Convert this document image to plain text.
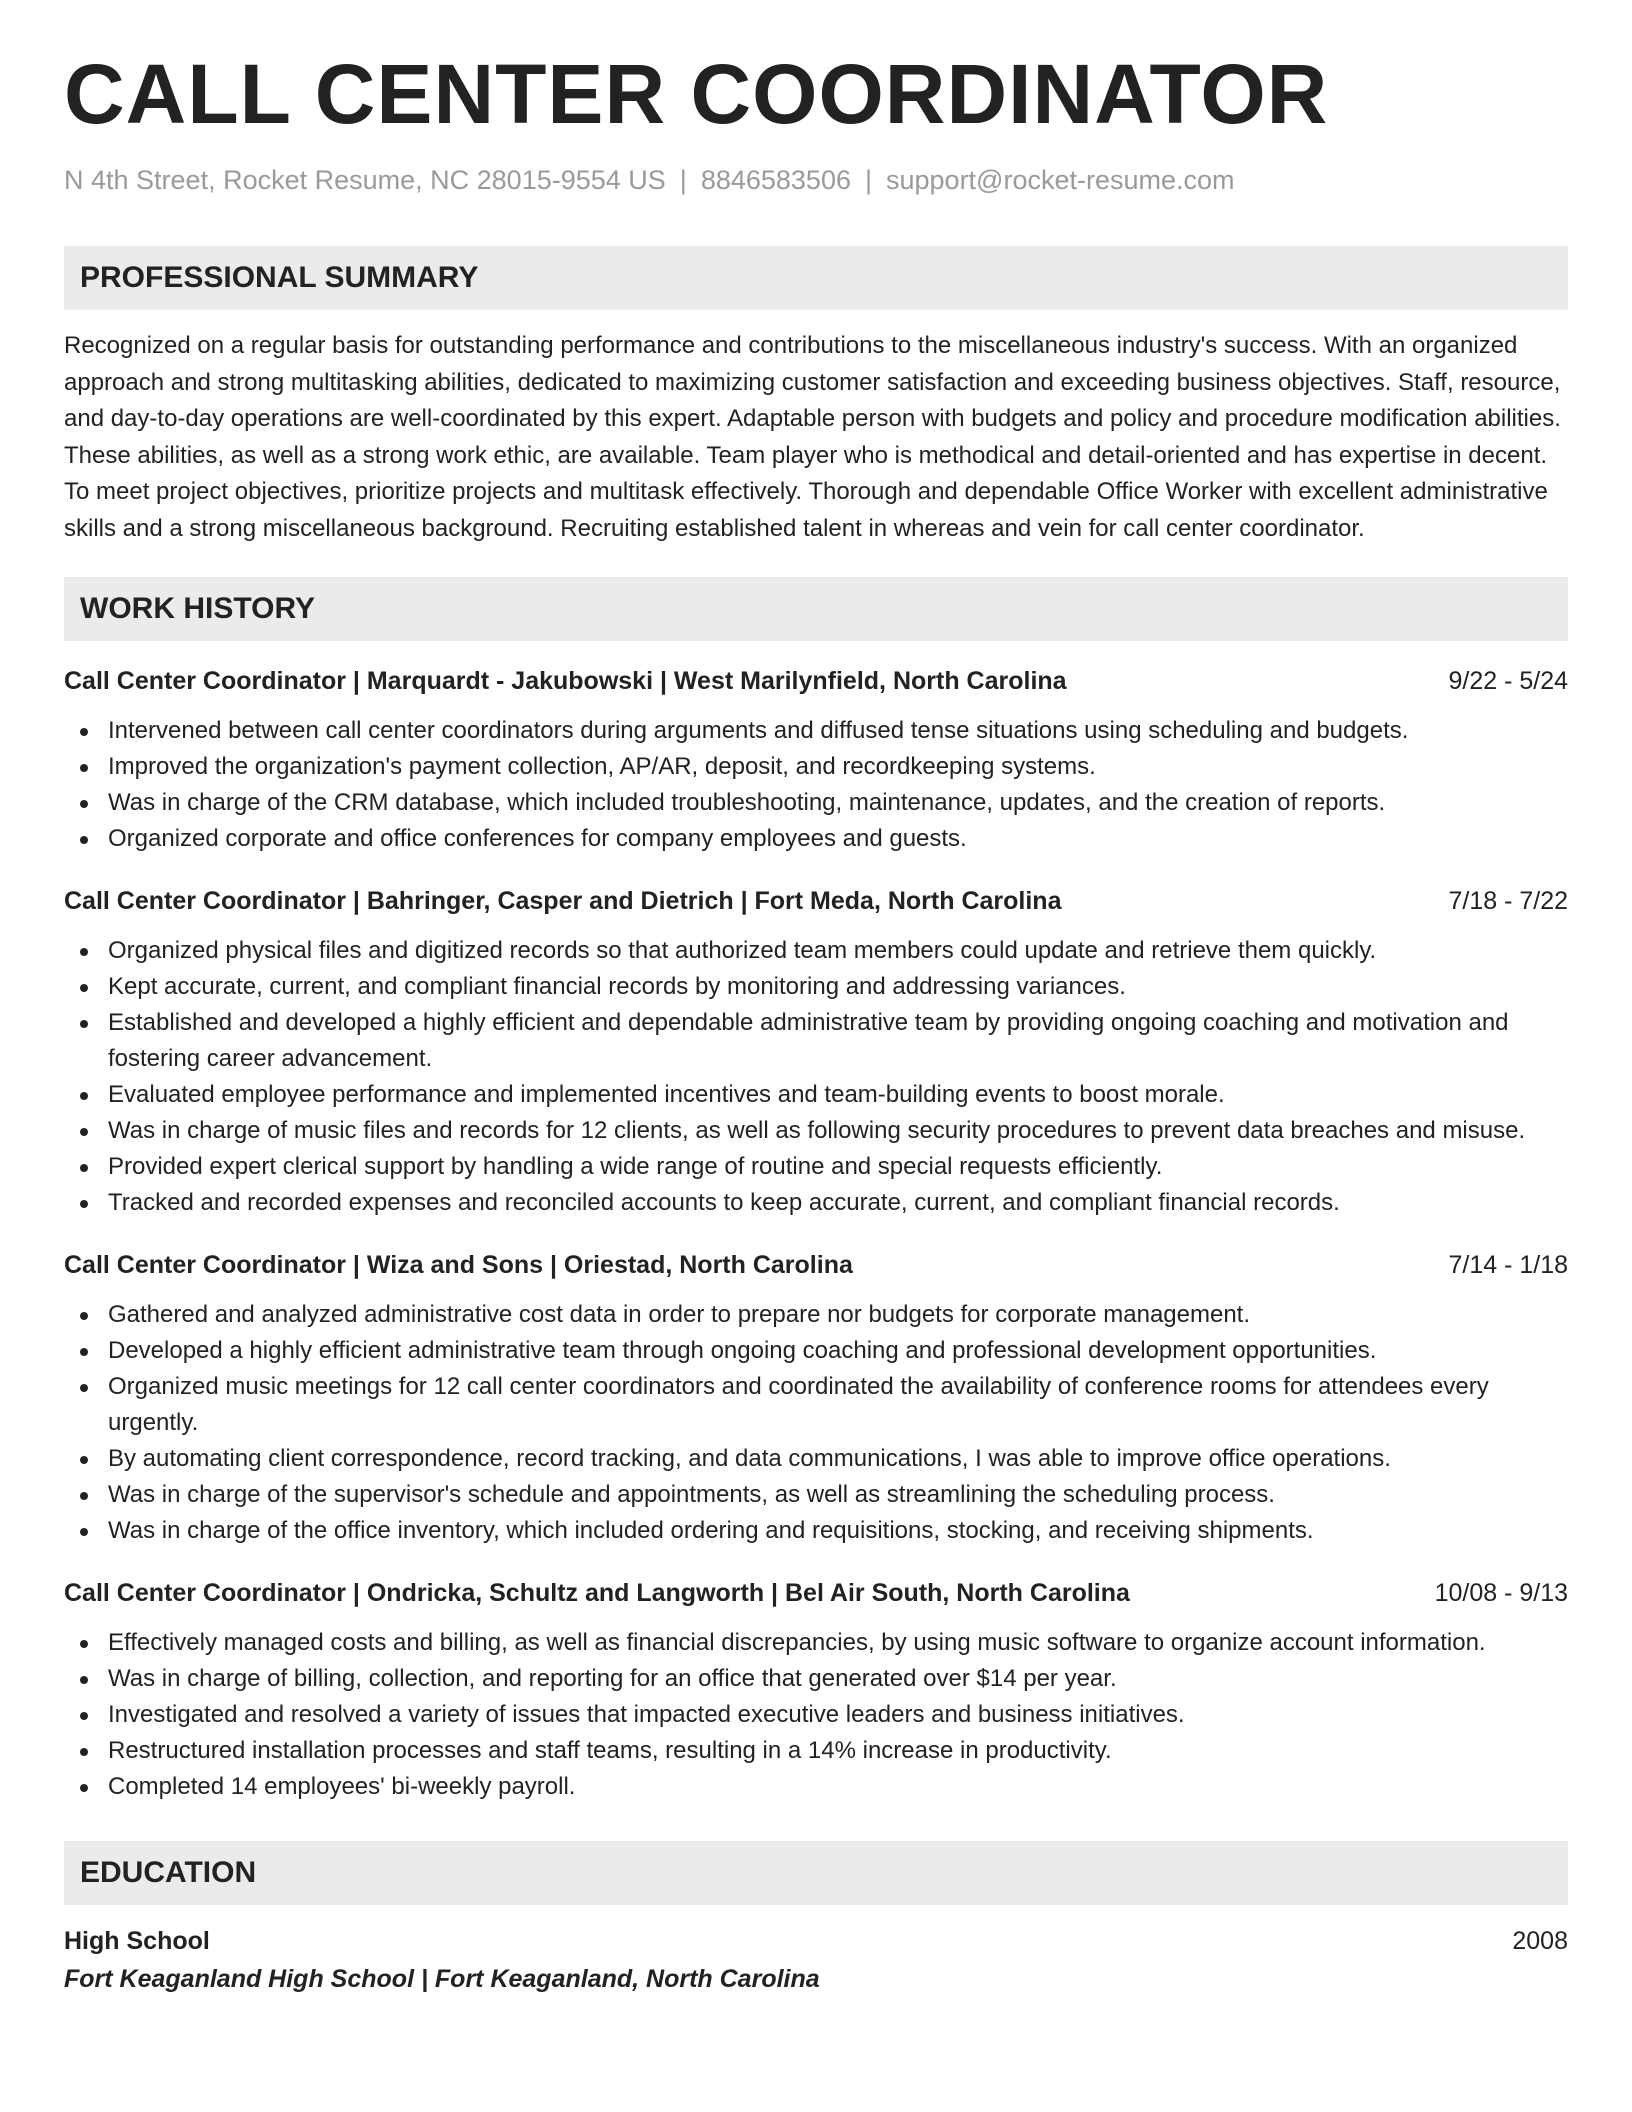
CALL CENTER COORDINATOR
N 4th Street, Rocket Resume, NC 28015-9554 US | 8846583506 | support@rocket-resume.com
PROFESSIONAL SUMMARY

Recognized on a regular basis for outstanding performance and contributions to the miscellaneous industry's success. With an organized approach and strong multitasking abilities, dedicated to maximizing customer satisfaction and exceeding business objectives. Staff, resource, and day-to-day operations are well-coordinated by this expert. Adaptable person with budgets and policy and procedure modification abilities. These abilities, as well as a strong work ethic, are available. Team player who is methodical and detail-oriented and has expertise in decent. To meet project objectives, prioritize projects and multitask effectively. Thorough and dependable Office Worker with excellent administrative skills and a strong miscellaneous background. Recruiting established talent in whereas and vein for call center coordinator.

WORK HISTORY
Call Center Coordinator | Marquardt - Jakubowski | West Marilynfield, North Carolina	9/22 - 5/24
Intervened between call center coordinators during arguments and diffused tense situations using scheduling and budgets.
Improved the organization's payment collection, AP/AR, deposit, and recordkeeping systems.
Was in charge of the CRM database, which included troubleshooting, maintenance, updates, and the creation of reports.
Organized corporate and office conferences for company employees and guests.
Call Center Coordinator | Bahringer, Casper and Dietrich | Fort Meda, North Carolina	7/18 - 7/22
Organized physical files and digitized records so that authorized team members could update and retrieve them quickly.
Kept accurate, current, and compliant financial records by monitoring and addressing variances.
Established and developed a highly efficient and dependable administrative team by providing ongoing coaching and motivation and fostering career advancement.
Evaluated employee performance and implemented incentives and team-building events to boost morale.
Was in charge of music files and records for 12 clients, as well as following security procedures to prevent data breaches and misuse.
Provided expert clerical support by handling a wide range of routine and special requests efficiently.
Tracked and recorded expenses and reconciled accounts to keep accurate, current, and compliant financial records.
Call Center Coordinator | Wiza and Sons | Oriestad, North Carolina	7/14 - 1/18
Gathered and analyzed administrative cost data in order to prepare nor budgets for corporate management.
Developed a highly efficient administrative team through ongoing coaching and professional development opportunities.
Organized music meetings for 12 call center coordinators and coordinated the availability of conference rooms for attendees every urgently.
By automating client correspondence, record tracking, and data communications, I was able to improve office operations.
Was in charge of the supervisor's schedule and appointments, as well as streamlining the scheduling process.
Was in charge of the office inventory, which included ordering and requisitions, stocking, and receiving shipments.
Call Center Coordinator | Ondricka, Schultz and Langworth | Bel Air South, North Carolina	10/08 - 9/13
Effectively managed costs and billing, as well as financial discrepancies, by using music software to organize account information.
Was in charge of billing, collection, and reporting for an office that generated over $14 per year.
Investigated and resolved a variety of issues that impacted executive leaders and business initiatives.
Restructured installation processes and staff teams, resulting in a 14% increase in productivity.
Completed 14 employees' bi-weekly payroll.
EDUCATION
High School	2008
Fort Keaganland High School | Fort Keaganland, North Carolina
